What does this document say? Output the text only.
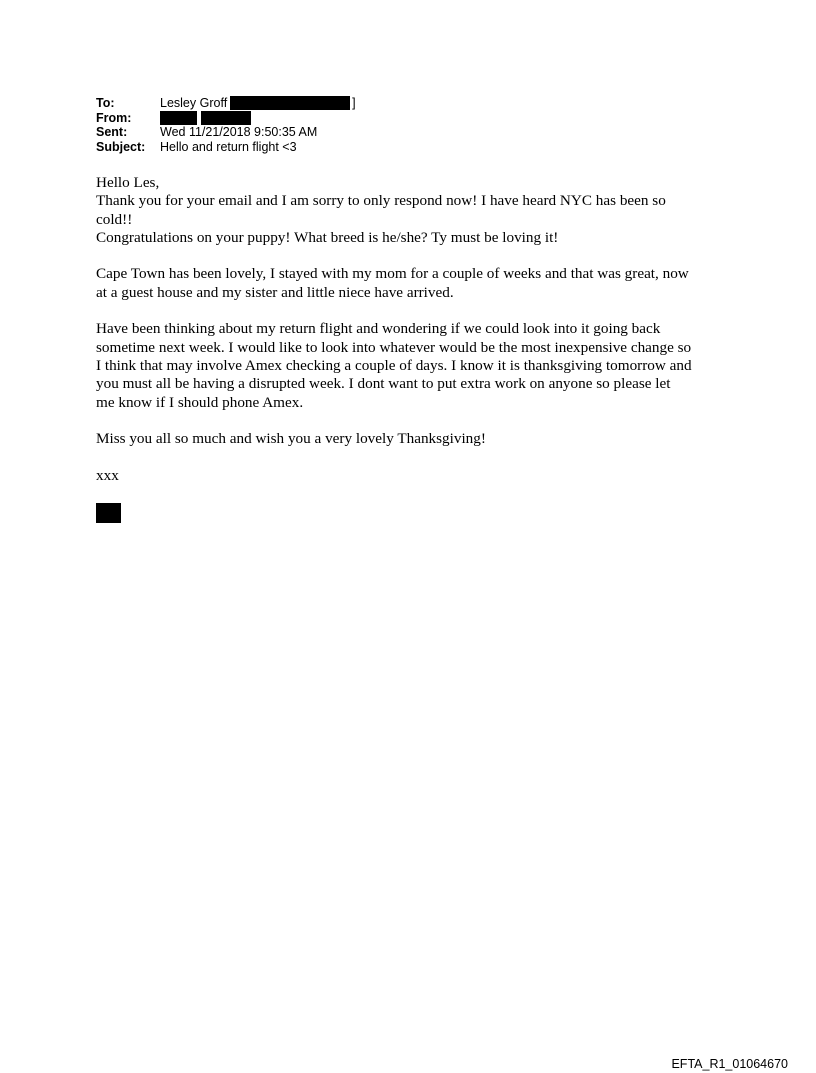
To:	Lesley Groff	]
From:
Sent:	Wed 11/21/2018 9:50:35 AM
Subject:	Hello and return flight <3

Hello Les,

Thank you for your email and I am sorry to only respond now! I have heard NYC has been so

cold!!

Congratulations on your puppy! What breed is he/she? Ty must be loving it!

Cape Town has been lovely, I stayed with my mom for a couple of weeks and that was great, now

at a guest house and my sister and little niece have arrived.

Have been thinking about my return flight and wondering if we could look into it going back

sometime next week. I would like to look into whatever would be the most inexpensive change so

I think that may involve Amex checking a couple of days. I know it is thanksgiving tomorrow and

you must all be having a disrupted week. I dont want to put extra work on anyone so please let

me know if I should phone Amex.

Miss you all so much and wish you a very lovely Thanksgiving!

xxx

EFTA_R1_01064670
